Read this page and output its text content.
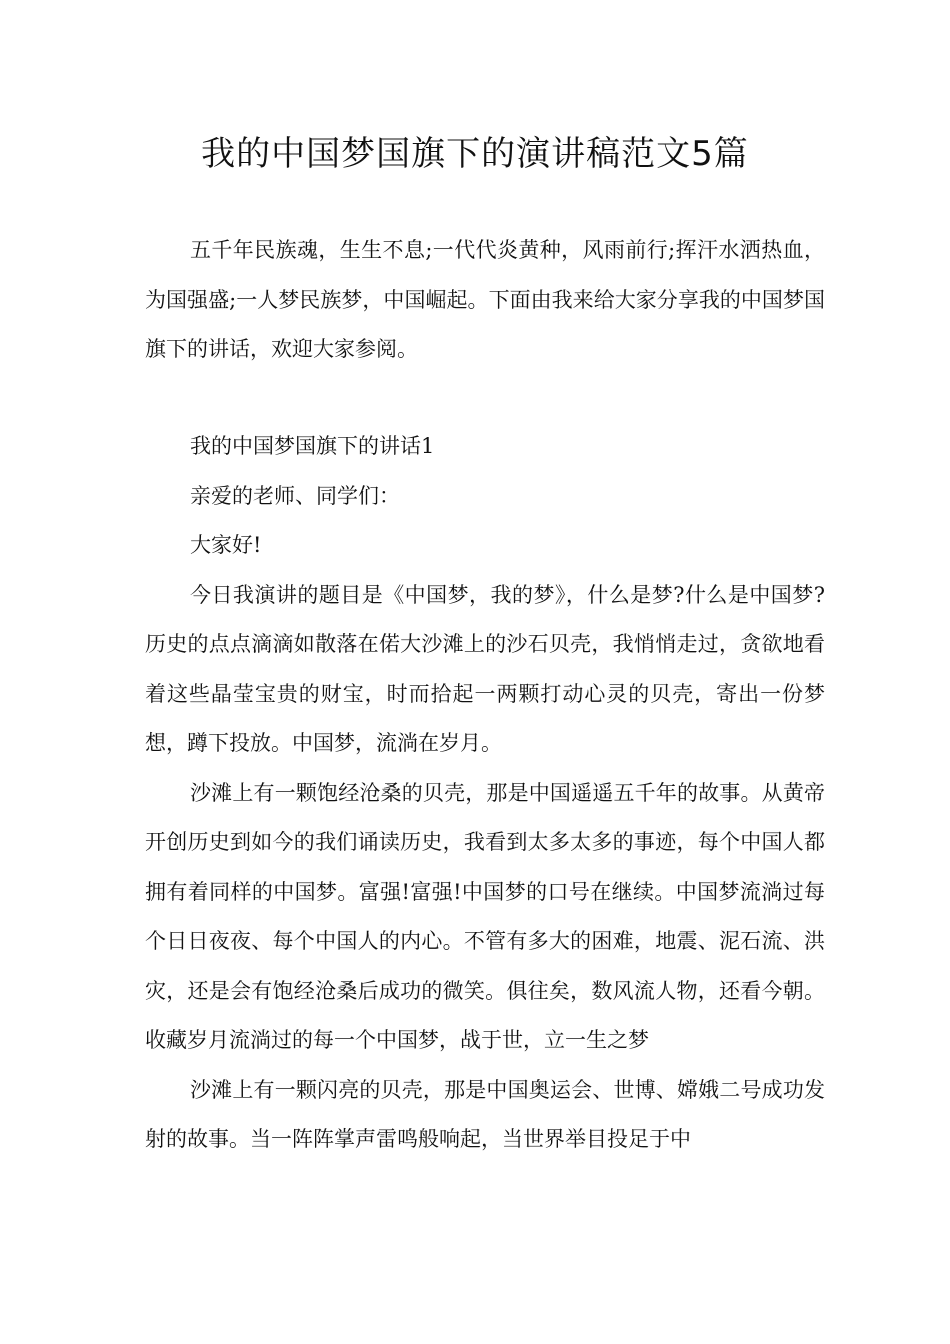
我的中国梦国旗下的演讲稿范文5篇

五千年民族魂，生生不息;一代代炎黄种，风雨前行;挥汗水洒热血，为国强盛;一人梦民族梦，中国崛起。下面由我来给大家分享我的中国梦国旗下的讲话，欢迎大家参阅。

我的中国梦国旗下的讲话1

亲爱的老师、同学们：

大家好!

今日我演讲的题目是《中国梦，我的梦》，什么是梦?什么是中国梦?历史的点点滴滴如散落在偌大沙滩上的沙石贝壳，我悄悄走过，贪欲地看着这些晶莹宝贵的财宝，时而拾起一两颗打动心灵的贝壳，寄出一份梦想，蹲下投放。中国梦，流淌在岁月。

沙滩上有一颗饱经沧桑的贝壳，那是中国遥遥五千年的故事。从黄帝开创历史到如今的我们诵读历史，我看到太多太多的事迹，每个中国人都拥有着同样的中国梦。富强!富强!中国梦的口号在继续。中国梦流淌过每个日日夜夜、每个中国人的内心。不管有多大的困难，地震、泥石流、洪灾，还是会有饱经沧桑后成功的微笑。俱往矣，数风流人物，还看今朝。收藏岁月流淌过的每一个中国梦，战于世，立一生之梦

沙滩上有一颗闪亮的贝壳，那是中国奥运会、世博、嫦娥二号成功发射的故事。当一阵阵掌声雷鸣般响起，当世界举目投足于中
